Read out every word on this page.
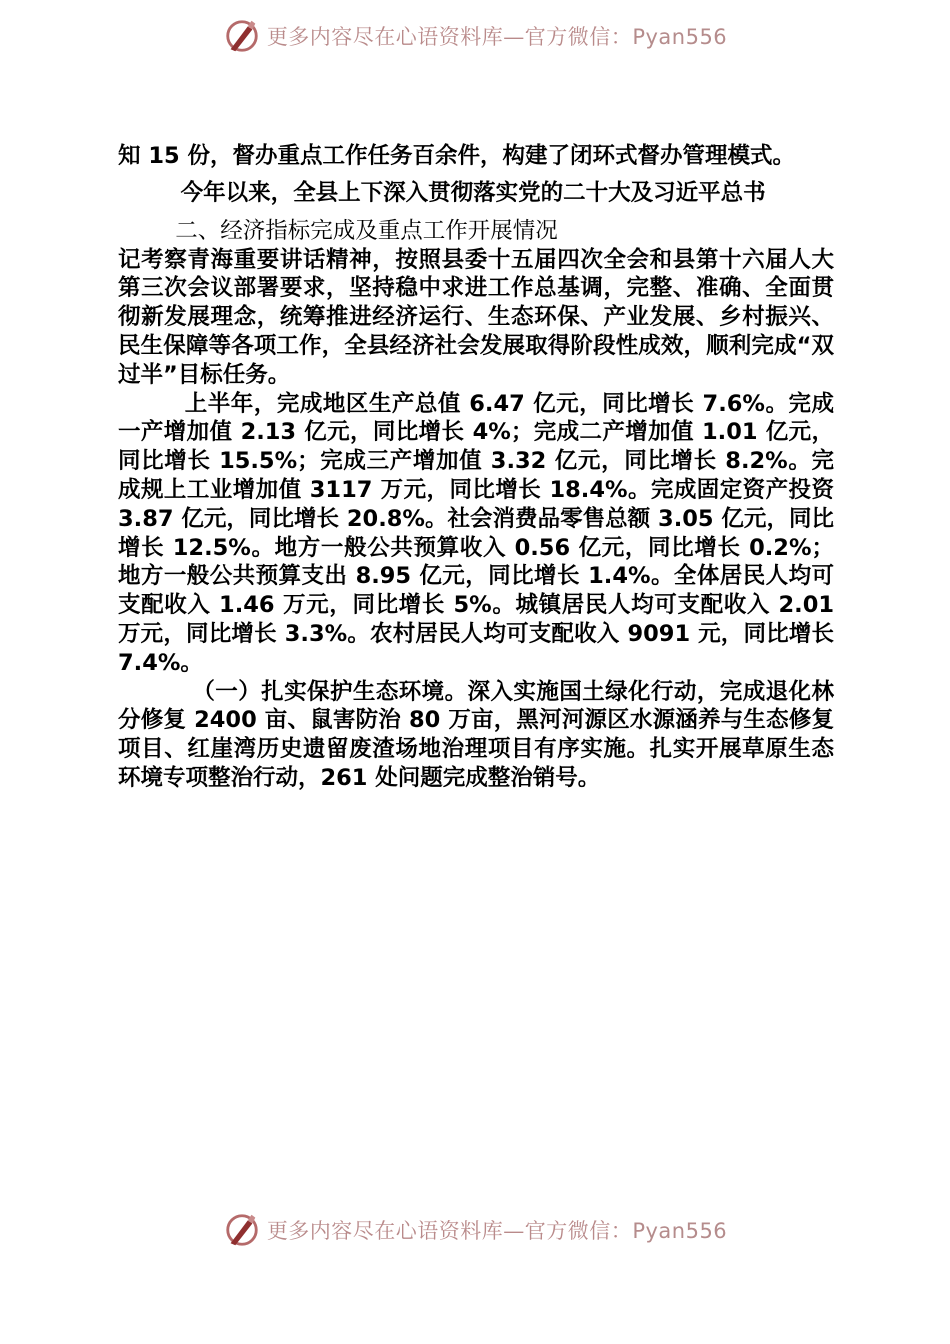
更多内容尽在心语资料库—官方微信：Pyan556

知 15 份，督办重点工作任务百余件，构建了闭环式督办管理模式。

今年以来，全县上下深入贯彻落实党的二十大及习近平总书

二、经济指标完成及重点工作开展情况

记考察青海重要讲话精神，按照县委十五届四次全会和县第十六届人大第三次会议部署要求，坚持稳中求进工作总基调，完整、准确、全面贯彻新发展理念，统筹推进经济运行、生态环保、产业发展、乡村振兴、民生保障等各项工作，全县经济社会发展取得阶段性成效，顺利完成“双过半”目标任务。

上半年，完成地区生产总值 6.47 亿元，同比增长 7.6%。完成一产增加值 2.13 亿元，同比增长 4%；完成二产增加值 1.01 亿元，同比增长 15.5%；完成三产增加值 3.32 亿元，同比增长 8.2%。完成规上工业增加值 3117 万元，同比增长 18.4%。完成固定资产投资 3.87 亿元，同比增长 20.8%。社会消费品零售总额 3.05 亿元，同比增长 12.5%。地方一般公共预算收入 0.56 亿元，同比增长 0.2%；地方一般公共预算支出 8.95 亿元，同比增长 1.4%。全体居民人均可支配收入 1.46 万元，同比增长 5%。城镇居民人均可支配收入 2.01 万元，同比增长 3.3%。农村居民人均可支配收入 9091 元，同比增长 7.4%。

（一）扎实保护生态环境。深入实施国土绿化行动，完成退化林分修复 2400 亩、鼠害防治 80 万亩，黑河河源区水源涵养与生态修复项目、红崖湾历史遗留废渣场地治理项目有序实施。扎实开展草原生态环境专项整治行动，261 处问题完成整治销号。

更多内容尽在心语资料库—官方微信：Pyan556
